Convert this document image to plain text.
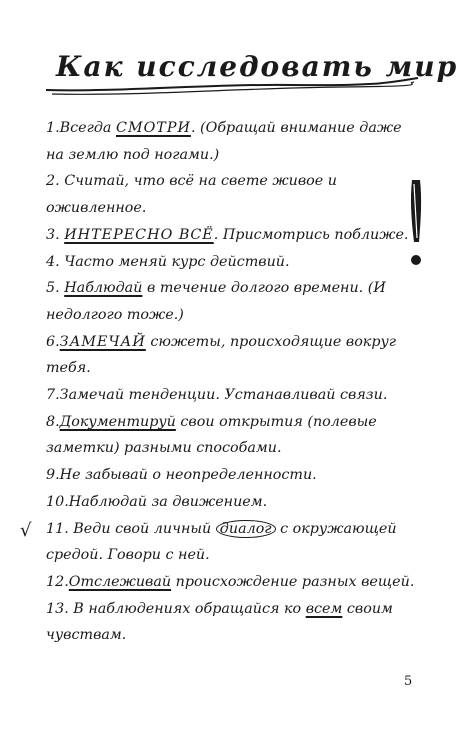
Как исследовать мир
1.Всегда СМОТРИ. (Обращай внимание даже на землю под ногами.)
2. Считай, что всё на свете живое и оживленное.
3. ИНТЕРЕСНО ВСЁ. Присмотрись поближе.
4. Часто меняй курс действий.
5. Наблюдай в течение долгого времени. (И недолгого тоже.)
6.ЗАМЕЧАЙ сюжеты, происходящие вокруг тебя.
7.Замечай тенденции. Устанавливай связи.
8.Документируй свои открытия (полевые заметки) разными способами.
9.Не забывай о неопределенности.
10.Наблюдай за движением.
11. Веди свой личный диалог с окружающей средой. Говори с ней.
12.Отслеживай происхождение разных вещей.
13. В наблюдениях обращайся ко всем своим чувствам.
√
5
